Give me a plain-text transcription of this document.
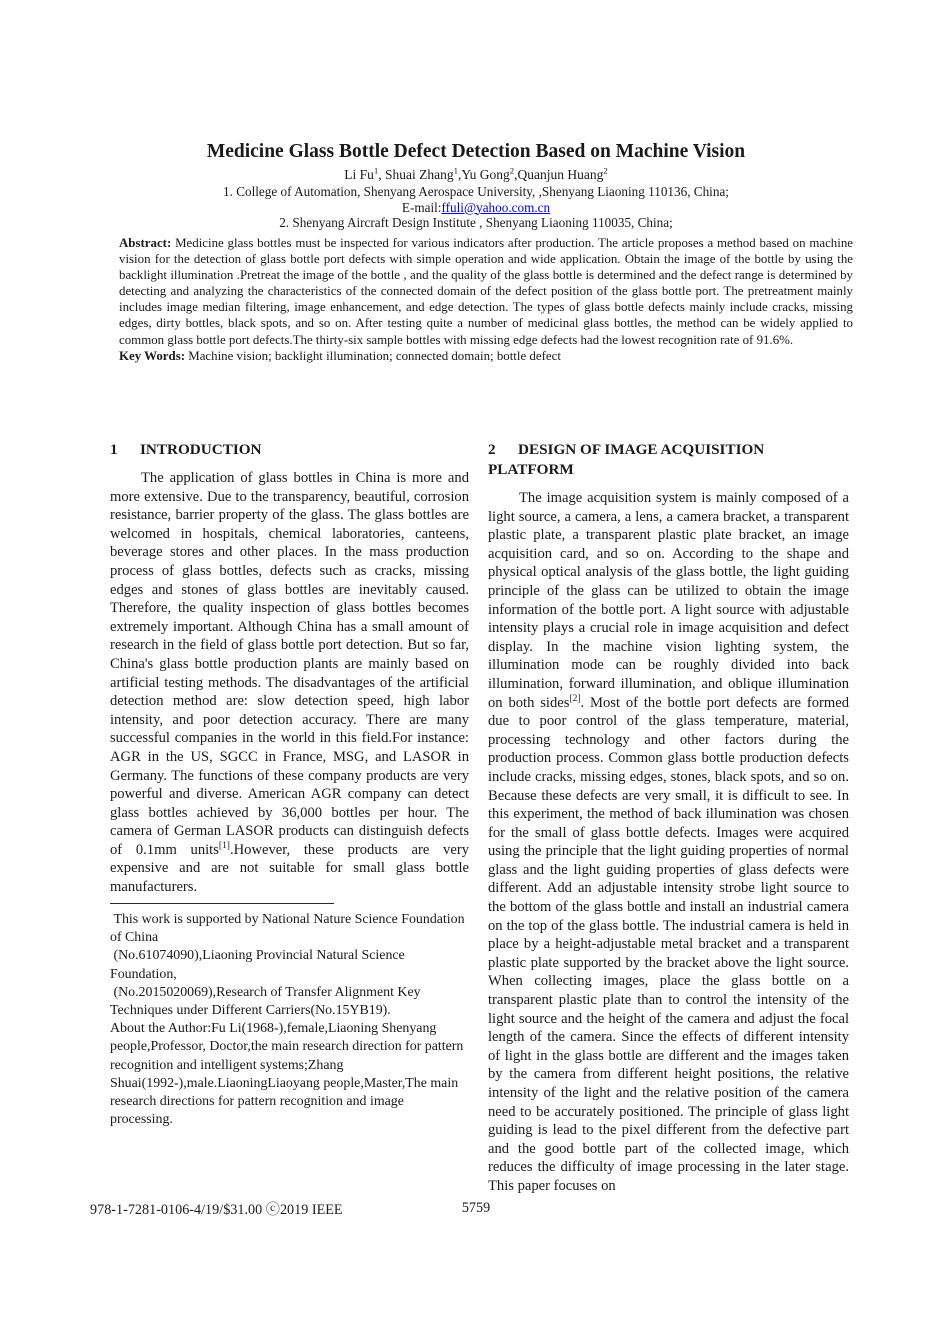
Medicine Glass Bottle Defect Detection Based on Machine Vision
Li Fu$^1$, Shuai Zhang$^1$,Yu Gong$^2$,Quanjun Huang$^2$
1. College of Automation, Shenyang Aerospace University, ,Shenyang Liaoning 110136, China;
E-mail:ffuli@yahoo.com.cn
2. Shenyang Aircraft Design Institute , Shenyang Liaoning 110035, China;

Abstract: Medicine glass bottles must be inspected for various indicators after production. The article proposes a method based on machine vision for the detection of glass bottle port defects with simple operation and wide application. Obtain the image of the bottle by using the backlight illumination .Pretreat the image of the bottle , and the quality of the glass bottle is determined and the defect range is determined by detecting and analyzing the characteristics of the connected domain of the defect position of the glass bottle port. The pretreatment mainly includes image median filtering, image enhancement, and edge detection. The types of glass bottle defects mainly include cracks, missing edges, dirty bottles, black spots, and so on. After testing quite a number of medicinal glass bottles, the method can be widely applied to common glass bottle port defects.The thirty-six sample bottles with missing edge defects had the lowest recognition rate of 91.6%.

Key Words: Machine vision; backlight illumination; connected domain; bottle defect

1 INTRODUCTION

The application of glass bottles in China is more and more extensive. Due to the transparency, beautiful, corrosion resistance, barrier property of the glass. The glass bottles are welcomed in hospitals, chemical laboratories, canteens, beverage stores and other places. In the mass production process of glass bottles, defects such as cracks, missing edges and stones of glass bottles are inevitably caused. Therefore, the quality inspection of glass bottles becomes extremely important. Although China has a small amount of research in the field of glass bottle port detection. But so far, China's glass bottle production plants are mainly based on artificial testing methods. The disadvantages of the artificial detection method are: slow detection speed, high labor intensity, and poor detection accuracy. There are many successful companies in the world in this field.For instance: AGR in the US, SGCC in France, MSG, and LASOR in Germany. The functions of these company products are very powerful and diverse. American AGR company can detect glass bottles achieved by 36,000 bottles per hour. The camera of German LASOR products can distinguish defects of 0.1mm units[1].However, these products are very expensive and are not suitable for small glass bottle manufacturers.

2 DESIGN OF IMAGE ACQUISITION PLATFORM

The image acquisition system is mainly composed of a light source, a camera, a lens, a camera bracket, a transparent plastic plate, a transparent plastic plate bracket, an image acquisition card, and so on. According to the shape and physical optical analysis of the glass bottle, the light guiding principle of the glass can be utilized to obtain the image information of the bottle port. A light source with adjustable intensity plays a crucial role in image acquisition and defect display. In the machine vision lighting system, the illumination mode can be roughly divided into back illumination, forward illumination, and oblique illumination on both sides[2]. Most of the bottle port defects are formed due to poor control of the glass temperature, material, processing technology and other factors during the production process. Common glass bottle production defects include cracks, missing edges, stones, black spots, and so on. Because these defects are very small, it is difficult to see. In this experiment, the method of back illumination was chosen for the small of glass bottle defects. Images were acquired using the principle that the light guiding properties of normal glass and the light guiding properties of glass defects were different. Add an adjustable intensity strobe light source to the bottom of the glass bottle and install an industrial camera on the top of the glass bottle. The industrial camera is held in place by a height-adjustable metal bracket and a transparent plastic plate supported by the bracket above the light source. When collecting images, place the glass bottle on a transparent plastic plate than to control the intensity of the light source and the height of the camera and adjust the focal length of the camera. Since the effects of different intensity of light in the glass bottle are different and the images taken by the camera from different height positions, the relative intensity of the light and the relative position of the camera need to be accurately positioned. The principle of glass light guiding is lead to the pixel different from the defective part and the good bottle part of the collected image, which reduces the difficulty of image processing in the later stage. This paper focuses on

This work is supported by National Nature Science Foundation of China

(No.61074090),Liaoning Provincial Natural Science Foundation,

(No.2015020069),Research of Transfer Alignment Key Techniques under Different Carriers(No.15YB19).

About the Author:Fu Li(1968-),female,Liaoning Shenyang people,Professor, Doctor,the main research direction for pattern recognition and intelligent systems;Zhang Shuai(1992-),male.LiaoningLiaoyang people,Master,The main research directions for pattern recognition and image processing.

978-1-7281-0106-4/19/$31.00 ⓒ2019 IEEE	5759
